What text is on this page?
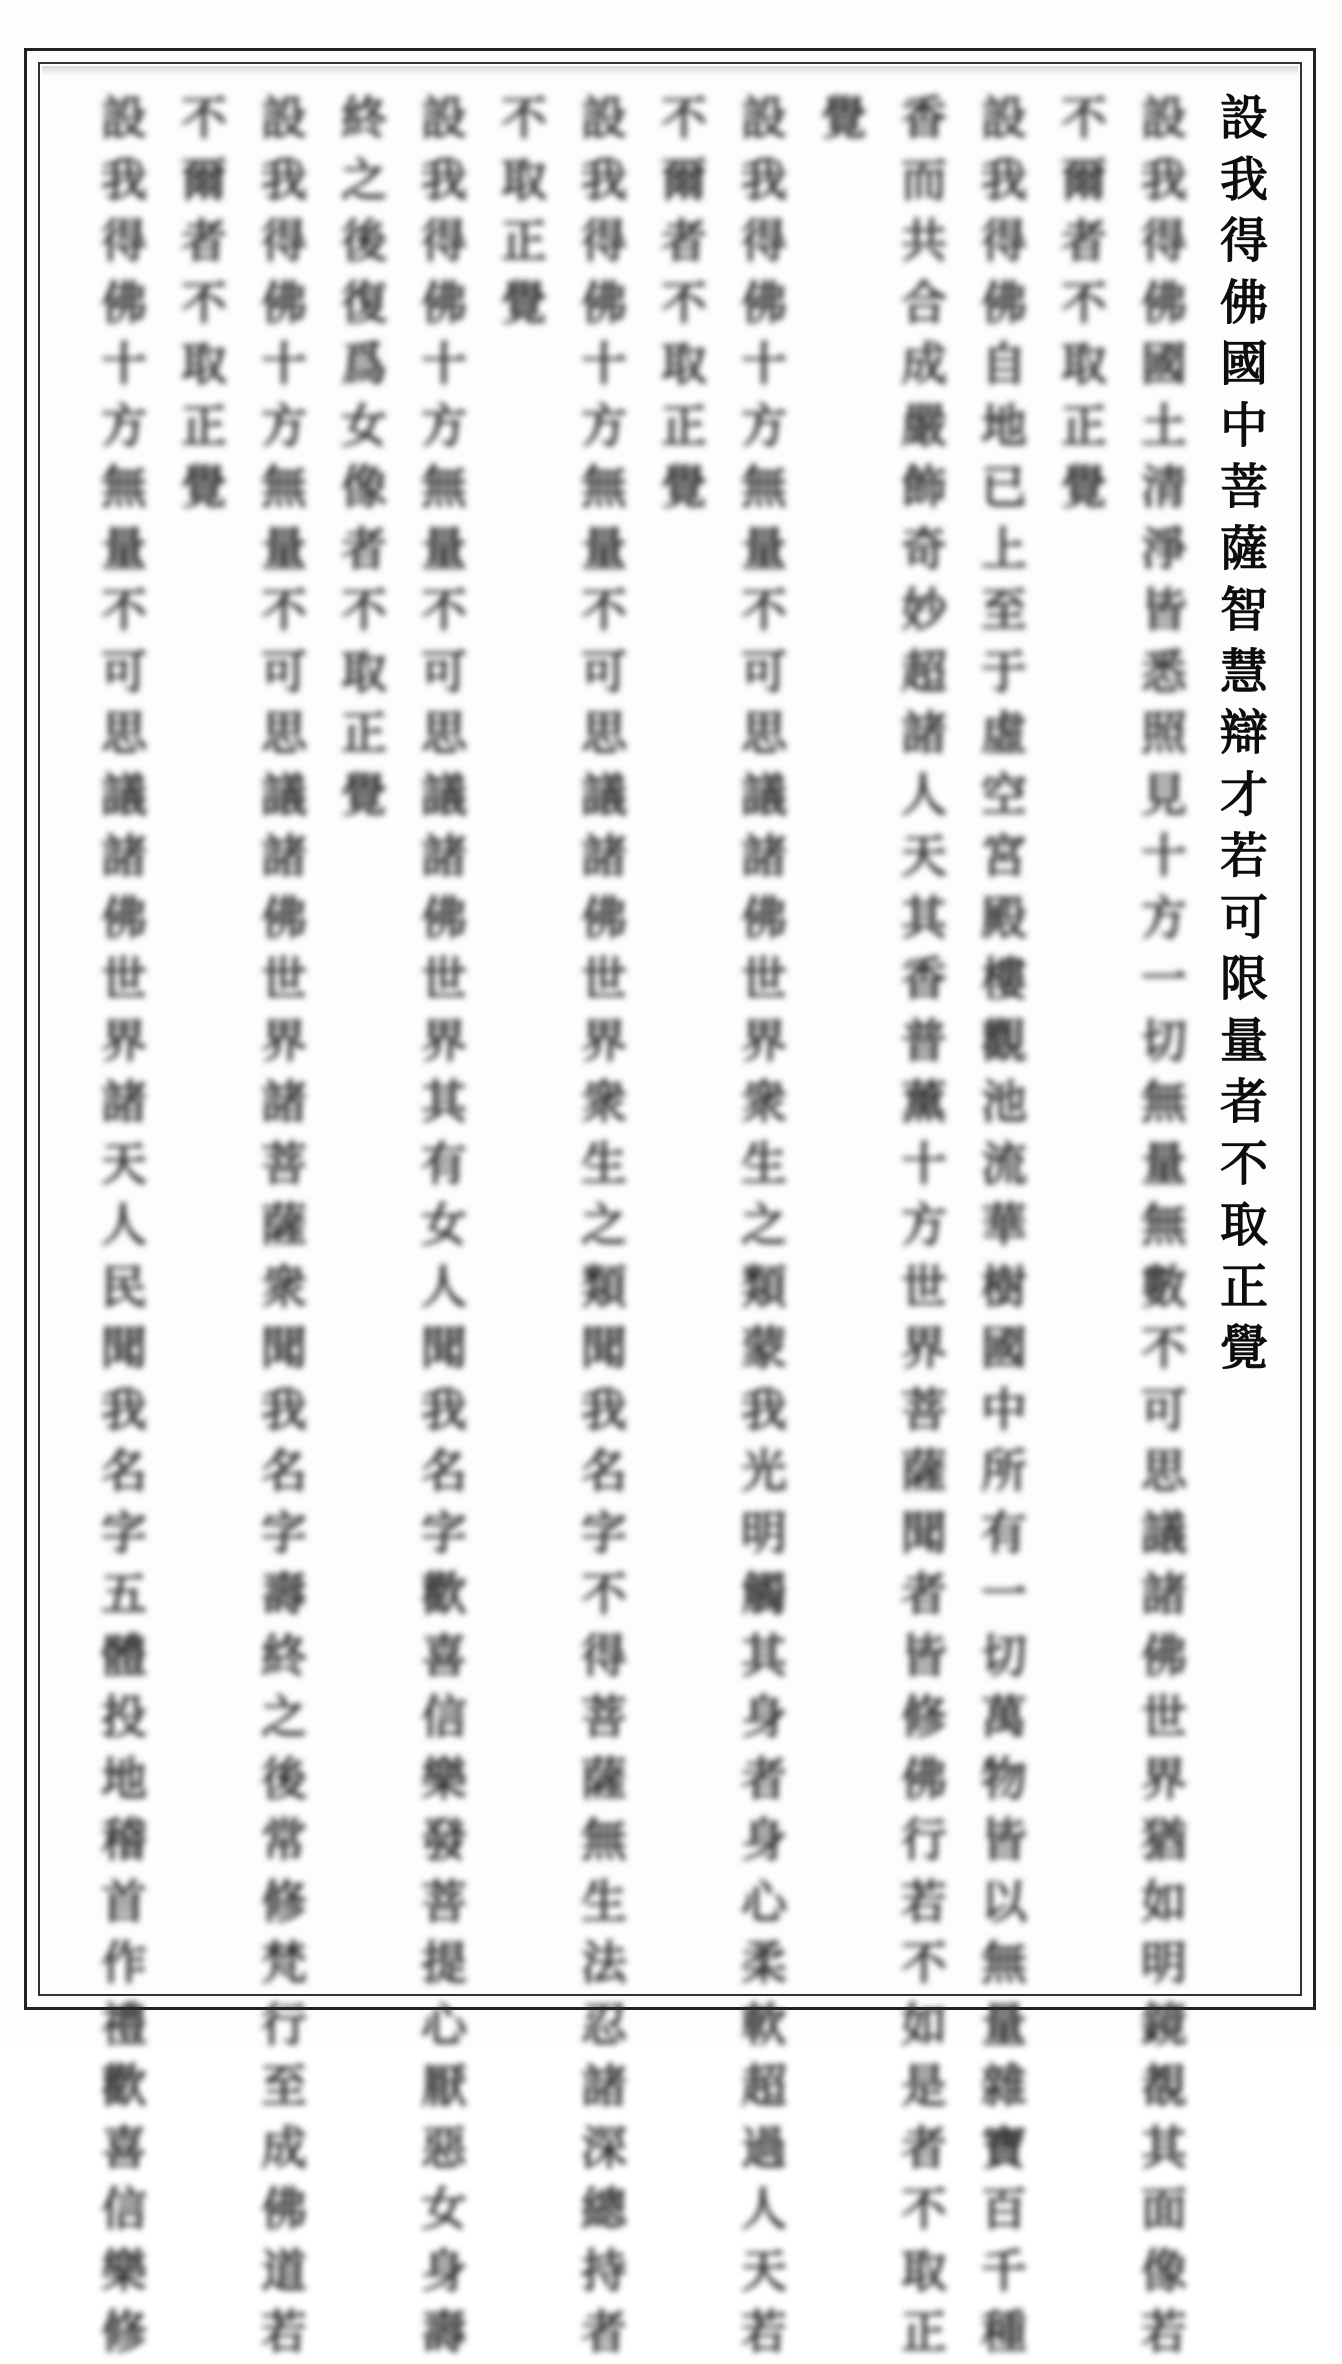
設
我
得
佛
國
中
菩
薩
智
慧
辯
才
若
可
限
量
者
不
取
正
覺
設
我
得
佛
國
土
清
淨
皆
悉
照
見
十
方
一
切
無
量
無
數
不
可
思
議
諸
佛
世
界
猶
如
明
鏡
覩
其
面
像
若
不
爾
者
不
取
正
覺
設
我
得
佛
自
地
已
上
至
于
虛
空
宮
殿
樓
觀
池
流
華
樹
國
中
所
有
一
切
萬
物
皆
以
無
量
雜
寶
百
千
種
香
而
共
合
成
嚴
飾
奇
妙
超
諸
人
天
其
香
普
薰
十
方
世
界
菩
薩
聞
者
皆
修
佛
行
若
不
如
是
者
不
取
正
覺
設
我
得
佛
十
方
無
量
不
可
思
議
諸
佛
世
界
衆
生
之
類
蒙
我
光
明
觸
其
身
者
身
心
柔
軟
超
過
人
天
若
不
爾
者
不
取
正
覺
設
我
得
佛
十
方
無
量
不
可
思
議
諸
佛
世
界
衆
生
之
類
聞
我
名
字
不
得
菩
薩
無
生
法
忍
諸
深
總
持
者
不
取
正
覺
設
我
得
佛
十
方
無
量
不
可
思
議
諸
佛
世
界
其
有
女
人
聞
我
名
字
歡
喜
信
樂
發
菩
提
心
厭
惡
女
身
壽
終
之
後
復
爲
女
像
者
不
取
正
覺
設
我
得
佛
十
方
無
量
不
可
思
議
諸
佛
世
界
諸
菩
薩
衆
聞
我
名
字
壽
終
之
後
常
修
梵
行
至
成
佛
道
若
不
爾
者
不
取
正
覺
設
我
得
佛
十
方
無
量
不
可
思
議
諸
佛
世
界
諸
天
人
民
聞
我
名
字
五
體
投
地
稽
首
作
禮
歡
喜
信
樂
修
